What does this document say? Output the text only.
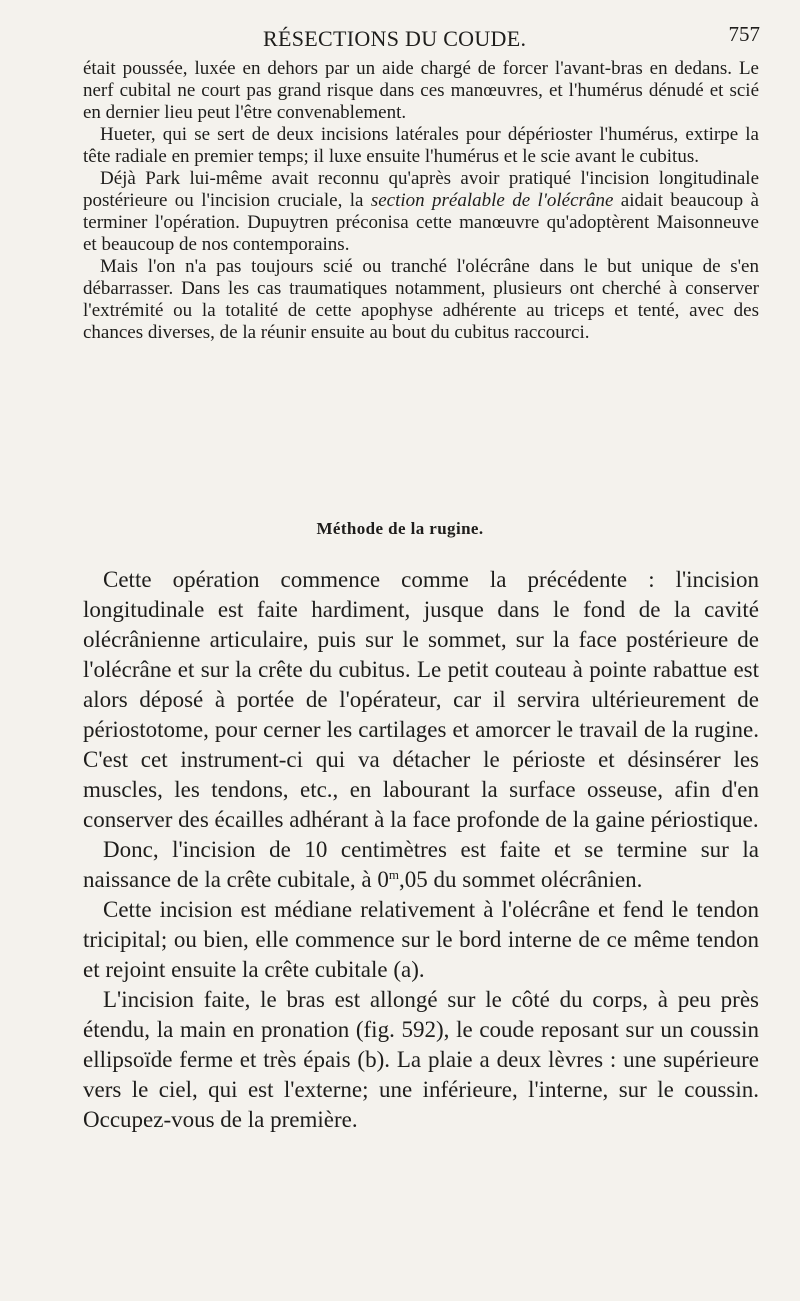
RÉSECTIONS DU COUDE.	757

était poussée, luxée en dehors par un aide chargé de forcer l'avant-bras en dedans. Le nerf cubital ne court pas grand risque dans ces manœuvres, et l'humérus dénudé et scié en dernier lieu peut l'être convenablement.

Hueter, qui se sert de deux incisions latérales pour dépérioster l'humérus, extirpe la tête radiale en premier temps; il luxe ensuite l'humérus et le scie avant le cubitus.

Déjà Park lui-même avait reconnu qu'après avoir pratiqué l'incision longitudinale postérieure ou l'incision cruciale, la section préalable de l'olécrâne aidait beaucoup à terminer l'opération. Dupuytren préconisa cette manœuvre qu'adoptèrent Maisonneuve et beaucoup de nos contemporains.

Mais l'on n'a pas toujours scié ou tranché l'olécrâne dans le but unique de s'en débarrasser. Dans les cas traumatiques notamment, plusieurs ont cherché à conserver l'extrémité ou la totalité de cette apophyse adhérente au triceps et tenté, avec des chances diverses, de la réunir ensuite au bout du cubitus raccourci.

Méthode de la rugine.

Cette opération commence comme la précédente : l'incision longitudinale est faite hardiment, jusque dans le fond de la cavité olécrânienne articulaire, puis sur le sommet, sur la face postérieure de l'olécrâne et sur la crête du cubitus. Le petit couteau à pointe rabattue est alors déposé à portée de l'opérateur, car il servira ultérieurement de périostotome, pour cerner les cartilages et amorcer le travail de la rugine. C'est cet instrument-ci qui va détacher le périoste et désinsérer les muscles, les tendons, etc., en labourant la surface osseuse, afin d'en conserver des écailles adhérant à la face profonde de la gaine périostique.

Donc, l'incision de 10 centimètres est faite et se termine sur la naissance de la crête cubitale, à 0$^m$,05 du sommet olécrânien.

Cette incision est médiane relativement à l'olécrâne et fend le tendon tricipital; ou bien, elle commence sur le bord interne de ce même tendon et rejoint ensuite la crête cubitale (a).

L'incision faite, le bras est allongé sur le côté du corps, à peu près étendu, la main en pronation (fig. 592), le coude reposant sur un coussin ellipsoïde ferme et très épais (b). La plaie a deux lèvres : une supérieure vers le ciel, qui est l'externe; une inférieure, l'interne, sur le coussin. Occupez-vous de la première.
